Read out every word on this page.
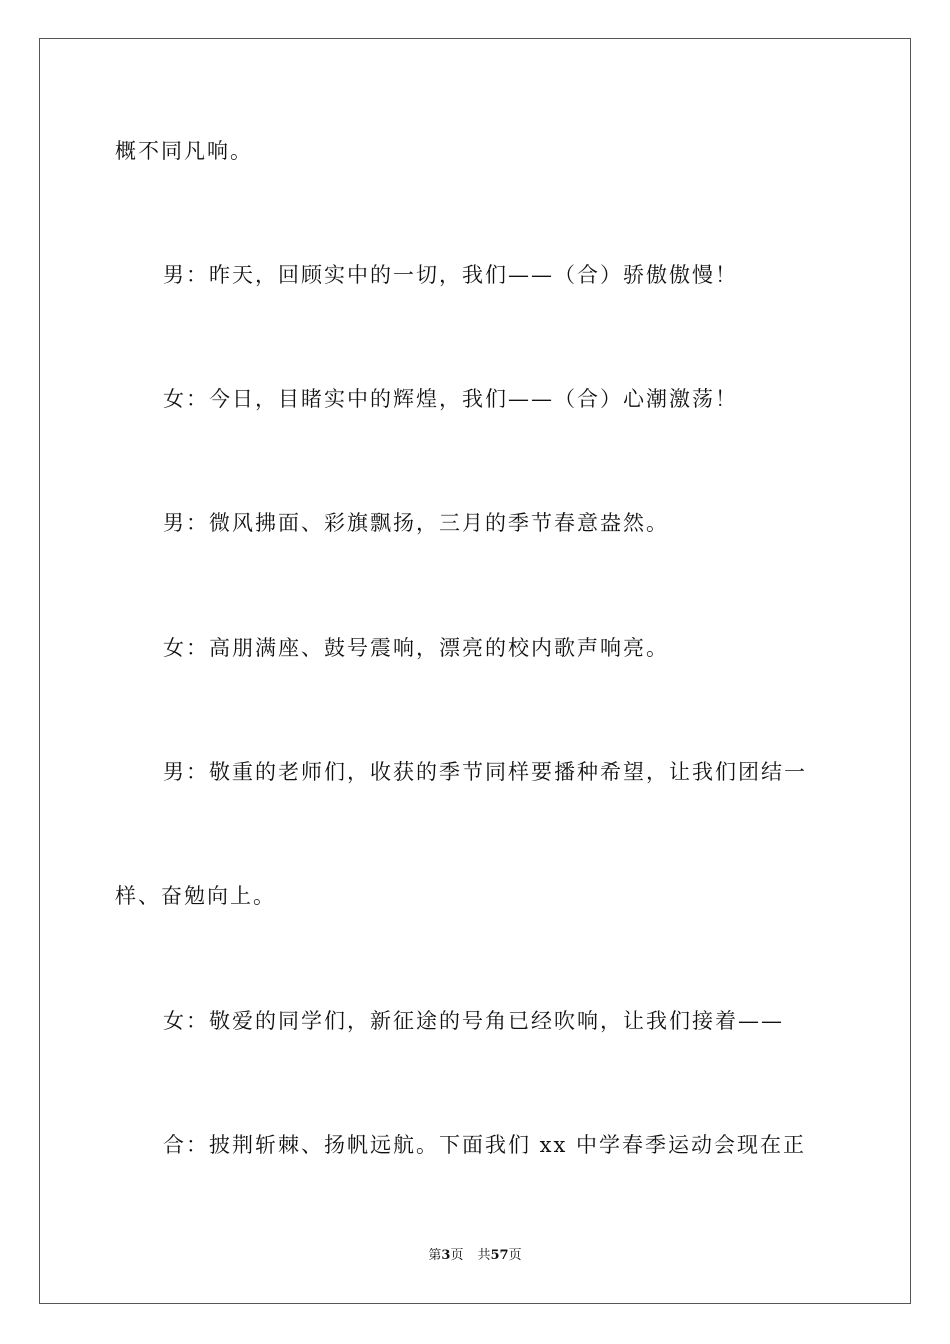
概不同凡响。
男：昨天，回顾实中的一切，我们——（合）骄傲傲慢！
女：今日，目睹实中的辉煌，我们——（合）心潮激荡！
男：微风拂面、彩旗飘扬，三月的季节春意盎然。
女：高朋满座、鼓号震响，漂亮的校内歌声响亮。
男：敬重的老师们，收获的季节同样要播种希望，让我们团结一
样、奋勉向上。
女：敬爱的同学们，新征途的号角已经吹响，让我们接着——
合：披荆斩棘、扬帆远航。下面我们 xx 中学春季运动会现在正
第3页 共57页
